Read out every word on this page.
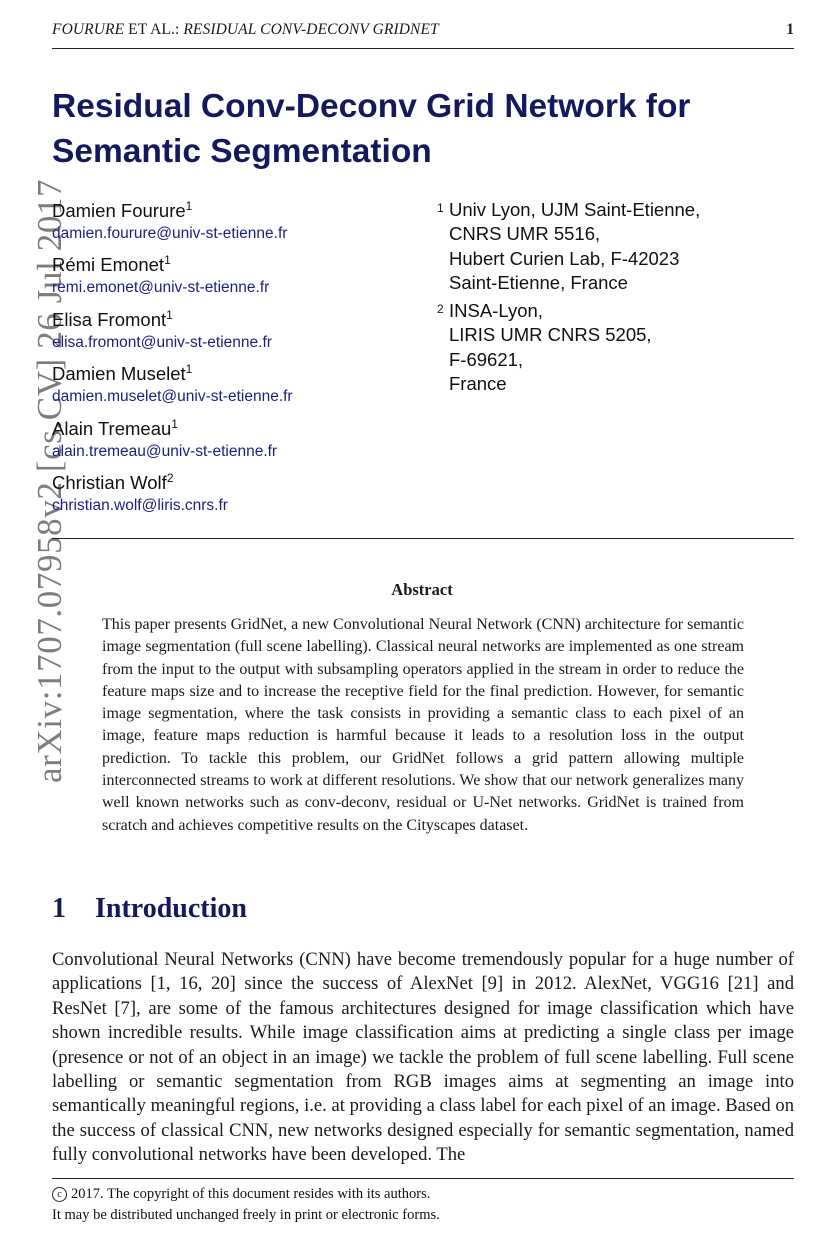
FOURURE ET AL.: RESIDUAL CONV-DECONV GRIDNET	1
arXiv:1707.07958v2 [cs.CV] 26 Jul 2017
Residual Conv-Deconv Grid Network for
Semantic Segmentation
Damien Fourure$^1$
damien.fourure@univ-st-etienne.fr
Rémi Emonet$^1$
remi.emonet@univ-st-etienne.fr
Elisa Fromont$^1$
elisa.fromont@univ-st-etienne.fr
Damien Muselet$^1$
damien.muselet@univ-st-etienne.fr
Alain Tremeau$^1$
alain.tremeau@univ-st-etienne.fr
Christian Wolf$^2$
christian.wolf@liris.cnrs.fr
1 Univ Lyon, UJM Saint-Etienne,
CNRS UMR 5516,
Hubert Curien Lab, F-42023
Saint-Etienne, France
2 INSA-Lyon,
LIRIS UMR CNRS 5205,
F-69621,
France
Abstract
This paper presents GridNet, a new Convolutional Neural Network (CNN) architecture for semantic image segmentation (full scene labelling). Classical neural networks are implemented as one stream from the input to the output with subsampling operators applied in the stream in order to reduce the feature maps size and to increase the receptive field for the final prediction. However, for semantic image segmentation, where the task consists in providing a semantic class to each pixel of an image, feature maps reduction is harmful because it leads to a resolution loss in the output prediction. To tackle this problem, our GridNet follows a grid pattern allowing multiple interconnected streams to work at different resolutions. We show that our network generalizes many well known networks such as conv-deconv, residual or U-Net networks. GridNet is trained from scratch and achieves competitive results on the Cityscapes dataset.
1 Introduction
Convolutional Neural Networks (CNN) have become tremendously popular for a huge number of applications [1, 16, 20] since the success of AlexNet [9] in 2012. AlexNet, VGG16 [21] and ResNet [7], are some of the famous architectures designed for image classification which have shown incredible results. While image classification aims at predicting a single class per image (presence or not of an object in an image) we tackle the problem of full scene labelling. Full scene labelling or semantic segmentation from RGB images aims at segmenting an image into semantically meaningful regions, i.e. at providing a class label for each pixel of an image. Based on the success of classical CNN, new networks designed especially for semantic segmentation, named fully convolutional networks have been developed. The
c 2017. The copyright of this document resides with its authors.
It may be distributed unchanged freely in print or electronic forms.
